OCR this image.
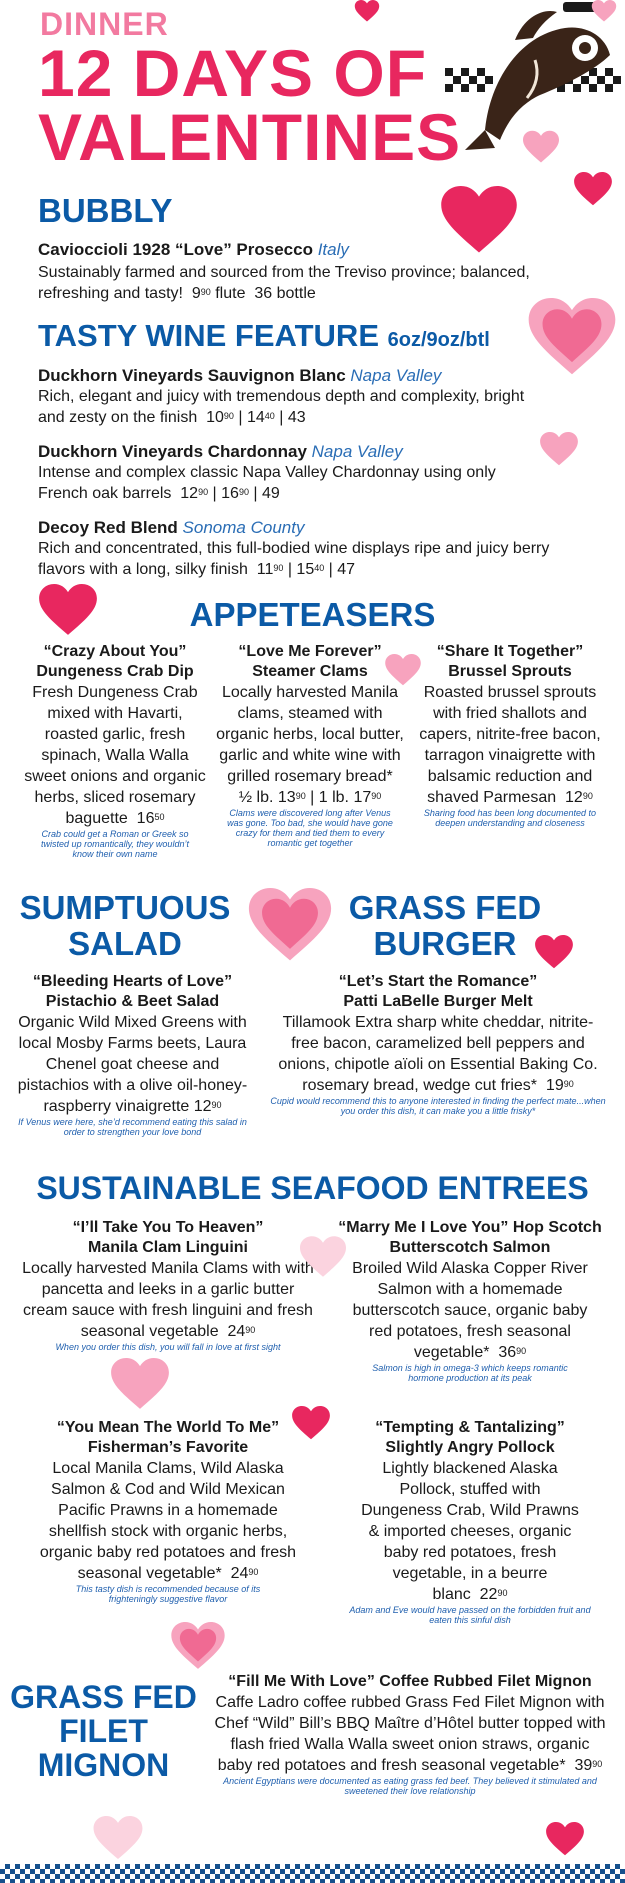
DINNER
12 DAYS OF
VALENTINES
BUBBLY
Cavioccioli 1928 “Love” Prosecco Italy
Sustainably farmed and sourced from the Treviso province; balanced, refreshing and tasty! $9^{90}$ flute 36 bottle
TASTY WINE FEATURE 6oz/9oz/btl
Duckhorn Vineyards Sauvignon Blanc Napa Valley
Rich, elegant and juicy with tremendous depth and complexity, bright and zesty on the finish $10^{90}$ | $14^{40}$ | 43
Duckhorn Vineyards Chardonnay Napa Valley
Intense and complex classic Napa Valley Chardonnay using only French oak barrels $12^{90}$ | $16^{90}$ | 49
Decoy Red Blend Sonoma County
Rich and concentrated, this full-bodied wine displays ripe and juicy berry flavors with a long, silky finish $11^{90}$ | $15^{40}$ | 47
APPETEASERS
“Crazy About You”
Dungeness Crab Dip
Fresh Dungeness Crab mixed with Havarti, roasted garlic, fresh spinach, Walla Walla sweet onions and organic herbs, sliced rosemary baguette $16^{50}$
Crab could get a Roman or Greek so twisted up romantically, they wouldn’t know their own name
“Love Me Forever”
Steamer Clams
Locally harvested Manila clams, steamed with organic herbs, local butter, garlic and white wine with grilled rosemary bread*
½ lb. $13^{90}$ | 1 lb. $17^{90}$
Clams were discovered long after Venus was gone. Too bad, she would have gone crazy for them and tied them to every romantic get together
“Share It Together”
Brussel Sprouts
Roasted brussel sprouts with fried shallots and capers, nitrite-free bacon, tarragon vinaigrette with balsamic reduction and shaved Parmesan $12^{90}$
Sharing food has been long documented to deepen understanding and closeness
SUMPTUOUS
SALAD
GRASS FED
BURGER
“Bleeding Hearts of Love”
Pistachio & Beet Salad
Organic Wild Mixed Greens with local Mosby Farms beets, Laura Chenel goat cheese and pistachios with a olive oil-honey-raspberry vinaigrette $12^{90}$
If Venus were here, she’d recommend eating this salad in order to strengthen your love bond
“Let’s Start the Romance”
Patti LaBelle Burger Melt
Tillamook Extra sharp white cheddar, nitrite-free bacon, caramelized bell peppers and onions, chipotle aïoli on Essential Baking Co. rosemary bread, wedge cut fries* $19^{90}$
Cupid would recommend this to anyone interested in finding the perfect mate...when you order this dish, it can make you a little frisky*
SUSTAINABLE SEAFOOD ENTREES
“I’ll Take You To Heaven”
Manila Clam Linguini
Locally harvested Manila Clams with with pancetta and leeks in a garlic butter cream sauce with fresh linguini and fresh seasonal vegetable $24^{90}$
When you order this dish, you will fall in love at first sight
“Marry Me I Love You” Hop Scotch
Butterscotch Salmon
Broiled Wild Alaska Copper River Salmon with a homemade butterscotch sauce, organic baby red potatoes, fresh seasonal vegetable* $36^{90}$
Salmon is high in omega-3 which keeps romantic hormone production at its peak
“You Mean The World To Me”
Fisherman’s Favorite
Local Manila Clams, Wild Alaska Salmon & Cod and Wild Mexican Pacific Prawns in a homemade shellfish stock with organic herbs, organic baby red potatoes and fresh seasonal vegetable* $24^{90}$
This tasty dish is recommended because of its frighteningly suggestive flavor
“Tempting & Tantalizing”
Slightly Angry Pollock
Lightly blackened Alaska Pollock, stuffed with Dungeness Crab, Wild Prawns & imported cheeses, organic baby red potatoes, fresh vegetable, in a beurre blanc $22^{90}$
Adam and Eve would have passed on the forbidden fruit and eaten this sinful dish
GRASS FED
FILET
MIGNON
“Fill Me With Love” Coffee Rubbed Filet Mignon
Caffe Ladro coffee rubbed Grass Fed Filet Mignon with Chef “Wild” Bill’s BBQ Maître d’Hôtel butter topped with flash fried Walla Walla sweet onion straws, organic baby red potatoes and fresh seasonal vegetable* $39^{90}$
Ancient Egyptians were documented as eating grass fed beef. They believed it stimulated and sweetened their love relationship
